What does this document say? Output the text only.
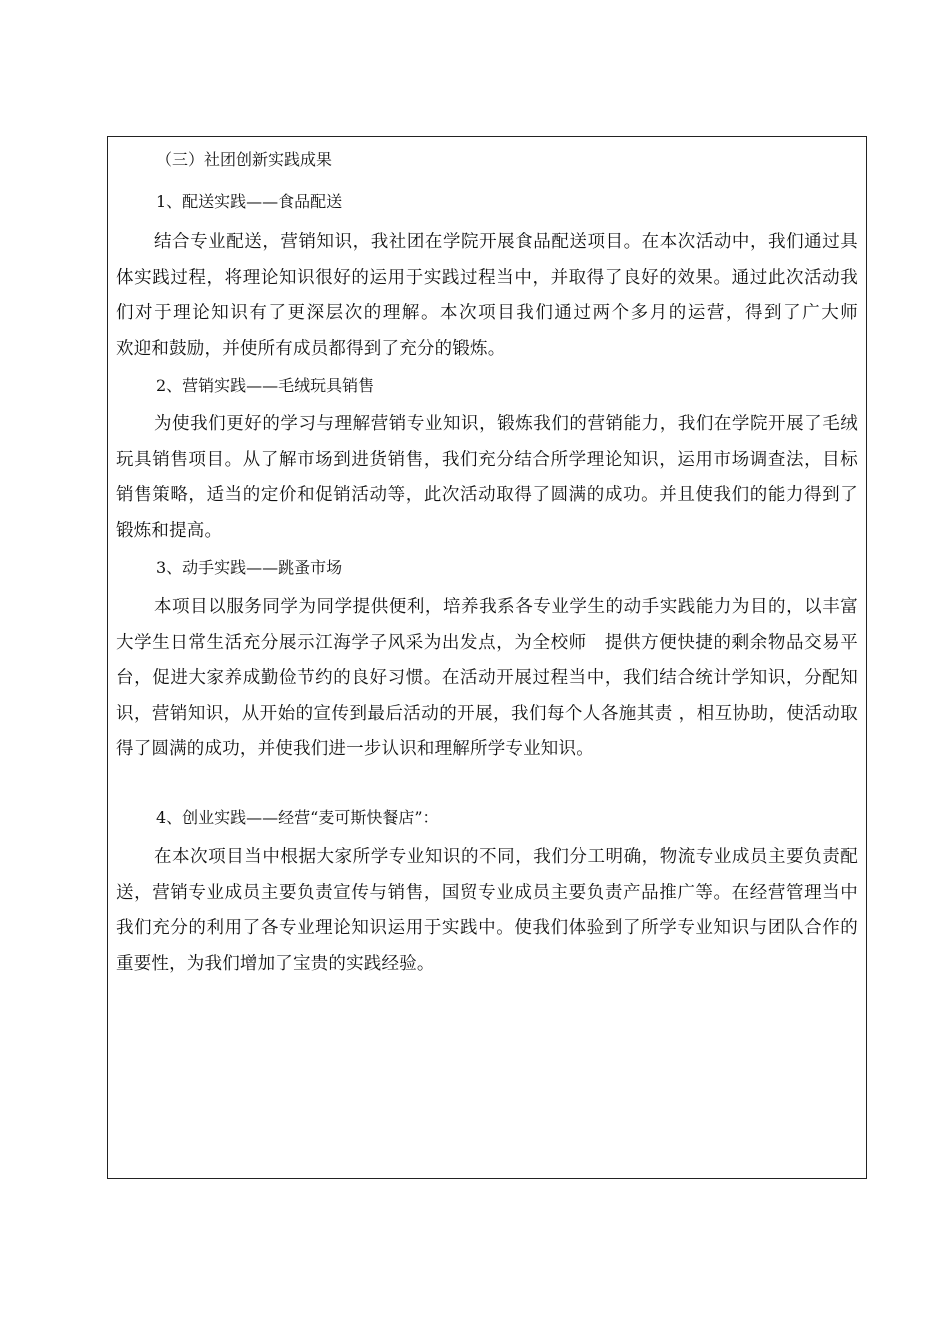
（三）社团创新实践成果

1、配送实践——食品配送

结合专业配送，营销知识，我社团在学院开展食品配送项目。在本次活动中，我们通过具体实践过程，将理论知识很好的运用于实践过程当中，并取得了良好的效果。通过此次活动我们对于理论知识有了更深层次的理解。本次项目我们通过两个多月的运营，得到了广大师　　欢迎和鼓励，并使所有成员都得到了充分的锻炼。

2、营销实践——毛绒玩具销售

为使我们更好的学习与理解营销专业知识，锻炼我们的营销能力，我们在学院开展了毛绒玩具销售项目。从了解市场到进货销售，我们充分结合所学理论知识，运用市场调查法，目标销售策略，适当的定价和促销活动等，此次活动取得了圆满的成功。并且使我们的能力得到了锻炼和提高。

3、动手实践——跳蚤市场

本项目以服务同学为同学提供便利，培养我系各专业学生的动手实践能力为目的，以丰富大学生日常生活充分展示江海学子风采为出发点，为全校师　提供方便快捷的剩余物品交易平台，促进大家养成勤俭节约的良好习惯。在活动开展过程当中，我们结合统计学知识，分配知识，营销知识，从开始的宣传到最后活动的开展，我们每个人各施其责 ，相互协助，使活动取得了圆满的成功，并使我们进一步认识和理解所学专业知识。

4、创业实践——经营“麦可斯快餐店”：

在本次项目当中根据大家所学专业知识的不同，我们分工明确，物流专业成员主要负责配送，营销专业成员主要负责宣传与销售，国贸专业成员主要负责产品推广等。在经营管理当中我们充分的利用了各专业理论知识运用于实践中。使我们体验到了所学专业知识与团队合作的重要性，为我们增加了宝贵的实践经验。
